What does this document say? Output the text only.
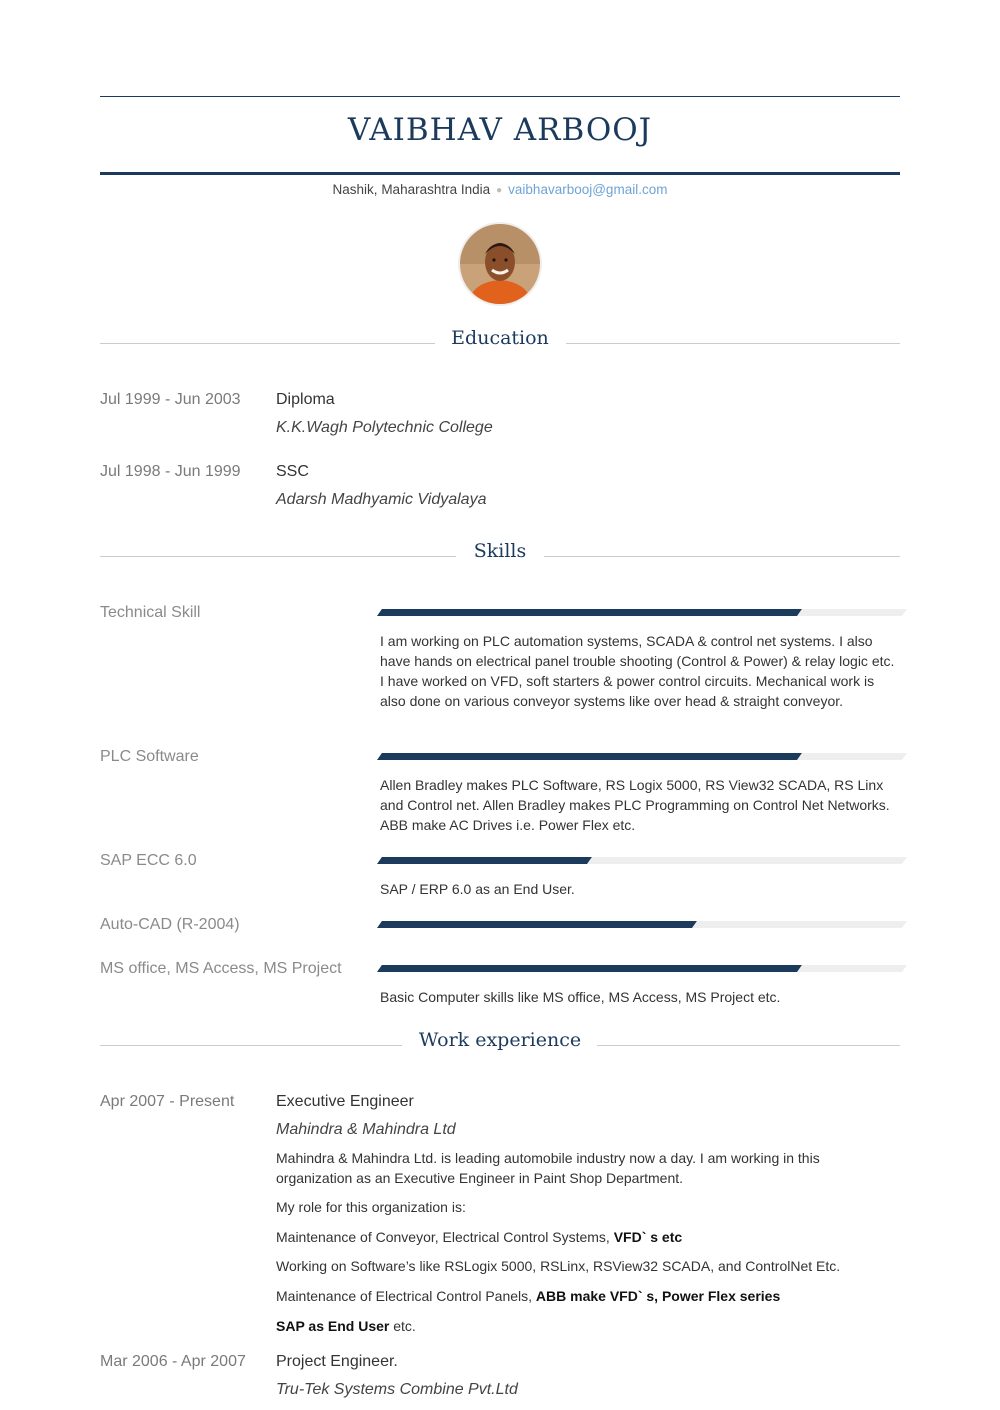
VAIBHAV ARBOOJ
Nashik, Maharashtra India ● vaibhavarbooj@gmail.com
Education
Jul 1999 - Jun 2003 Diploma
K.K.Wagh Polytechnic College
Jul 1998 - Jun 1999 SSC
Adarsh Madhyamic Vidyalaya
Skills
Technical Skill
I am working on PLC automation systems, SCADA & control net systems. I also have hands on electrical panel trouble shooting (Control & Power) & relay logic etc. I have worked on VFD, soft starters & power control circuits. Mechanical work is also done on various conveyor systems like over head & straight conveyor.
PLC Software
Allen Bradley makes PLC Software, RS Logix 5000, RS View32 SCADA, RS Linx and Control net. Allen Bradley makes PLC Programming on Control Net Networks. ABB make AC Drives i.e. Power Flex etc.
SAP ECC 6.0
SAP / ERP 6.0 as an End User.
Auto-CAD (R-2004)
MS office, MS Access, MS Project
Basic Computer skills like MS office, MS Access, MS Project etc.
Work experience
Apr 2007 - Present	Executive Engineer
Mahindra & Mahindra Ltd
Mahindra & Mahindra Ltd. is leading automobile industry now a day. I am working in this organization as an Executive Engineer in Paint Shop Department.
My role for this organization is:
Maintenance of Conveyor, Electrical Control Systems, VFD` s etc
Working on Software’s like RSLogix 5000, RSLinx, RSView32 SCADA, and ControlNet Etc.
Maintenance of Electrical Control Panels, ABB make VFD` s, Power Flex series
SAP as End User etc.
Mar 2006 - Apr 2007 Project Engineer.
Tru-Tek Systems Combine Pvt.Ltd
